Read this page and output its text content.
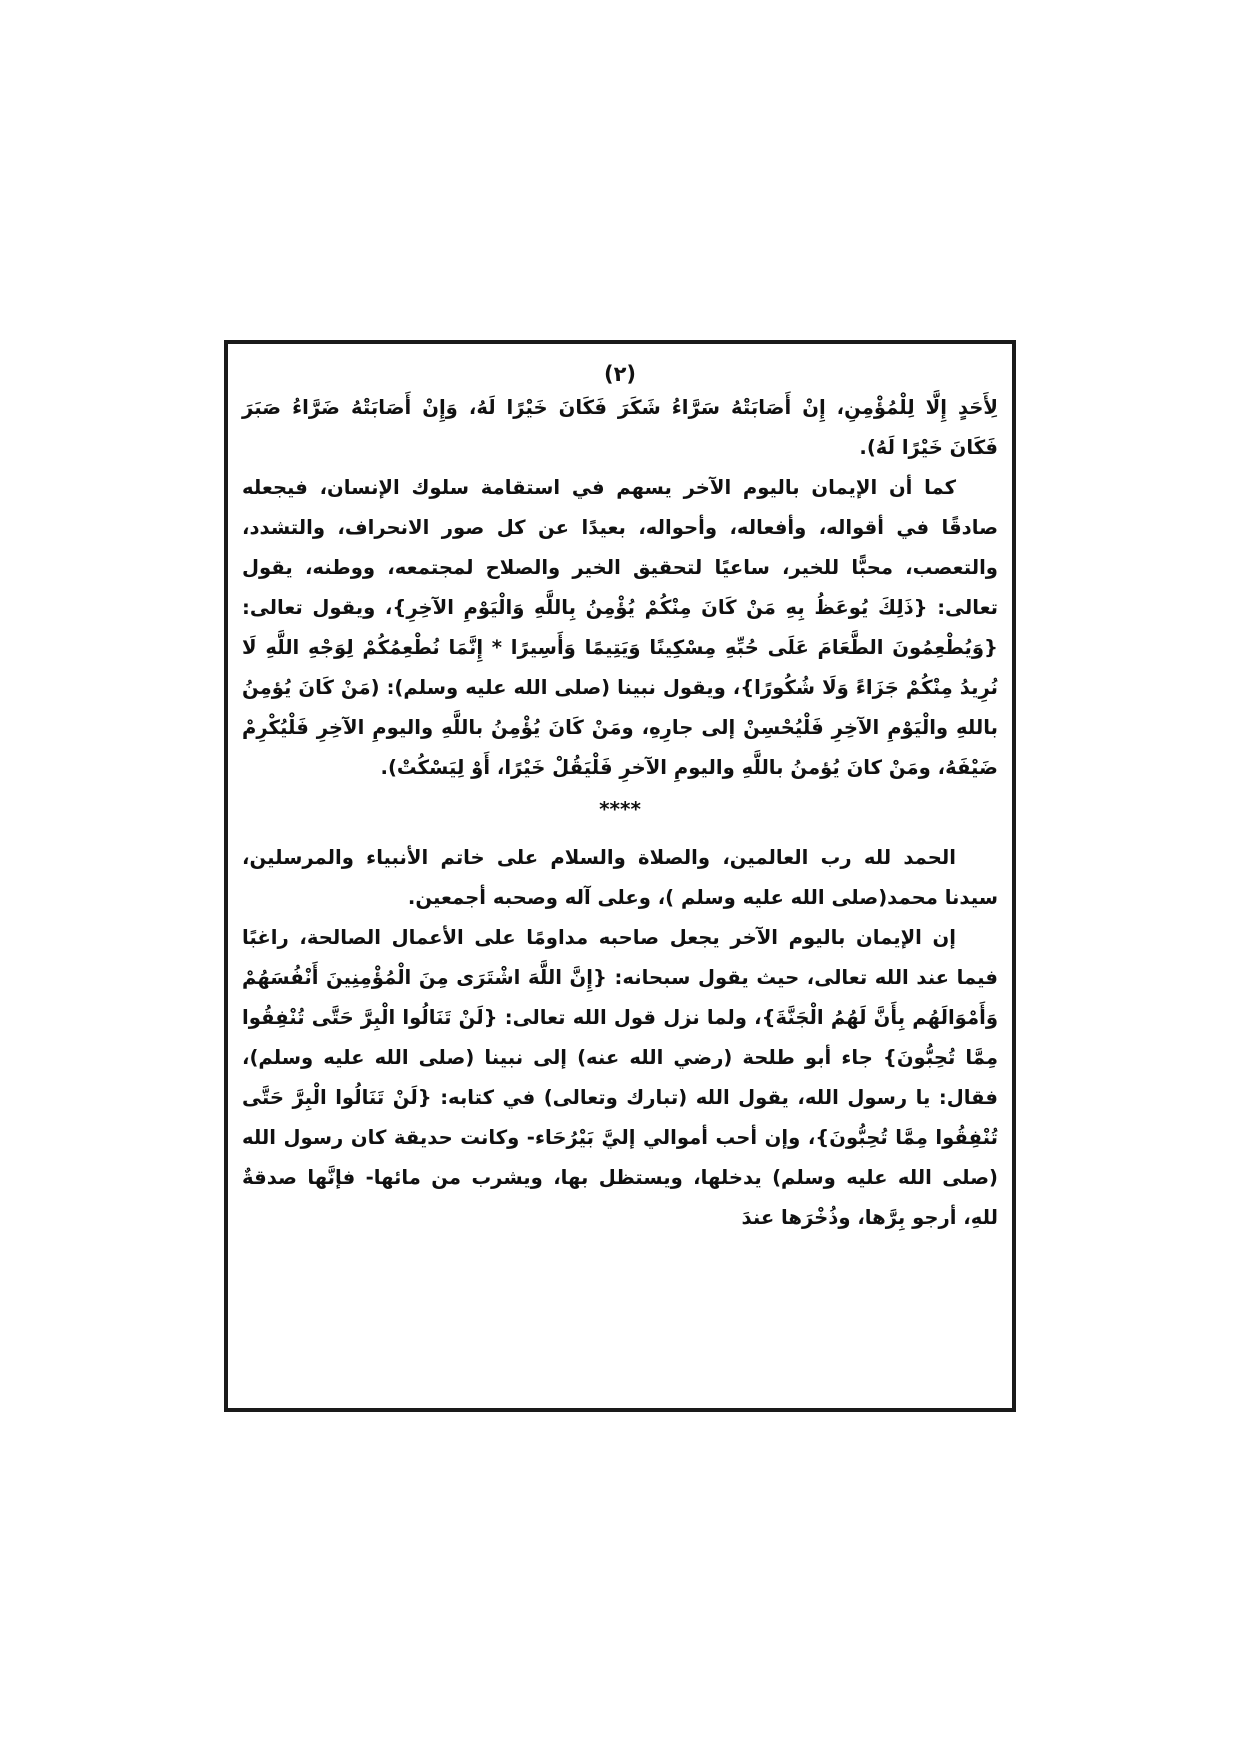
(٢)

لِأَحَدٍ إِلَّا لِلْمُؤْمِنِ، إِنْ أَصَابَتْهُ سَرَّاءُ شَكَرَ فَكَانَ خَيْرًا لَهُ، وَإِنْ أَصَابَتْهُ ضَرَّاءُ صَبَرَ فَكَانَ خَيْرًا لَهُ).

كما أن الإيمان باليوم الآخر يسهم في استقامة سلوك الإنسان، فيجعله صادقًا في أقواله، وأفعاله، وأحواله، بعيدًا عن كل صور الانحراف، والتشدد، والتعصب، محبًّا للخير، ساعيًا لتحقيق الخير والصلاح لمجتمعه، ووطنه، يقول تعالى: {ذَلِكَ يُوعَظُ بِهِ مَنْ كَانَ مِنْكُمْ يُؤْمِنُ بِاللَّهِ وَالْيَوْمِ الآخِرِ}، ويقول تعالى: {وَيُطْعِمُونَ الطَّعَامَ عَلَى حُبِّهِ مِسْكِينًا وَيَتِيمًا وَأَسِيرًا * إِنَّمَا نُطْعِمُكُمْ لِوَجْهِ اللَّهِ لَا نُرِيدُ مِنْكُمْ جَزَاءً وَلَا شُكُورًا}، ويقول نبينا (صلى الله عليه وسلم): (مَنْ كَانَ يُؤمِنُ باللهِ والْيَوْمِ الآخِرِ فَلْيُحْسِنْ إلى جارِهِ، ومَنْ كَانَ يُؤْمِنُ باللَّهِ واليومِ الآخِرِ فَلْيُكْرِمْ ضَيْفَهُ، ومَنْ كانَ يُؤمنُ باللَّهِ واليومِ الآخرِ فَلْيَقُلْ خَيْرًا، أَوْ لِيَسْكُتْ).

****

الحمد لله رب العالمين، والصلاة والسلام على خاتم الأنبياء والمرسلين، سيدنا محمد(صلى الله عليه وسلم )، وعلى آله وصحبه أجمعين.

إن الإيمان باليوم الآخر يجعل صاحبه مداومًا على الأعمال الصالحة، راغبًا فيما عند الله تعالى، حيث يقول سبحانه: {إِنَّ اللَّهَ اشْتَرَى مِنَ الْمُؤْمِنِينَ أَنْفُسَهُمْ وَأَمْوَالَهُم بِأَنَّ لَهُمُ الْجَنَّةَ}، ولما نزل قول الله تعالى: {لَنْ تَنَالُوا الْبِرَّ حَتَّى تُنْفِقُوا مِمَّا تُحِبُّونَ} جاء أبو طلحة (رضي الله عنه) إلى نبينا (صلى الله عليه وسلم)، فقال: يا رسول الله، يقول الله (تبارك وتعالى) في كتابه: {لَنْ تَنَالُوا الْبِرَّ حَتَّى تُنْفِقُوا مِمَّا تُحِبُّونَ}، وإن أحب أموالي إليَّ بَيْرُحَاء- وكانت حديقة كان رسول الله (صلى الله عليه وسلم) يدخلها، ويستظل بها، ويشرب من مائها- فإنَّها صدقةٌ للهِ، أرجو بِرَّها، وذُخْرَها عندَ
